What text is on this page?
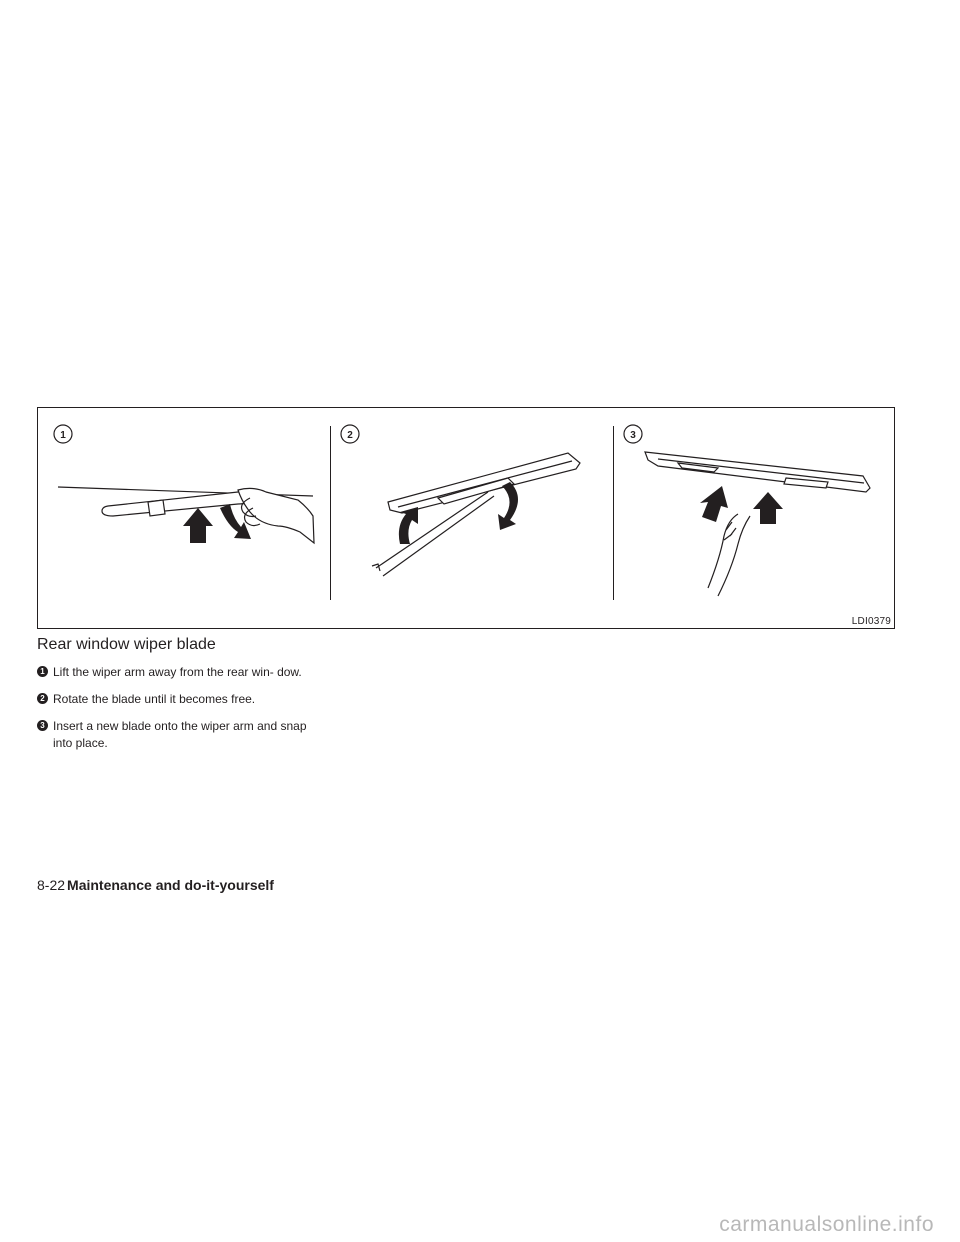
1	2	3
LDI0379
Rear window wiper blade
1 Lift the wiper arm away from the rear win- dow.
2 Rotate the blade until it becomes free.
3 Insert a new blade onto the wiper arm and snap into place.
8-22 Maintenance and do-it-yourself
carmanualsonline.info
